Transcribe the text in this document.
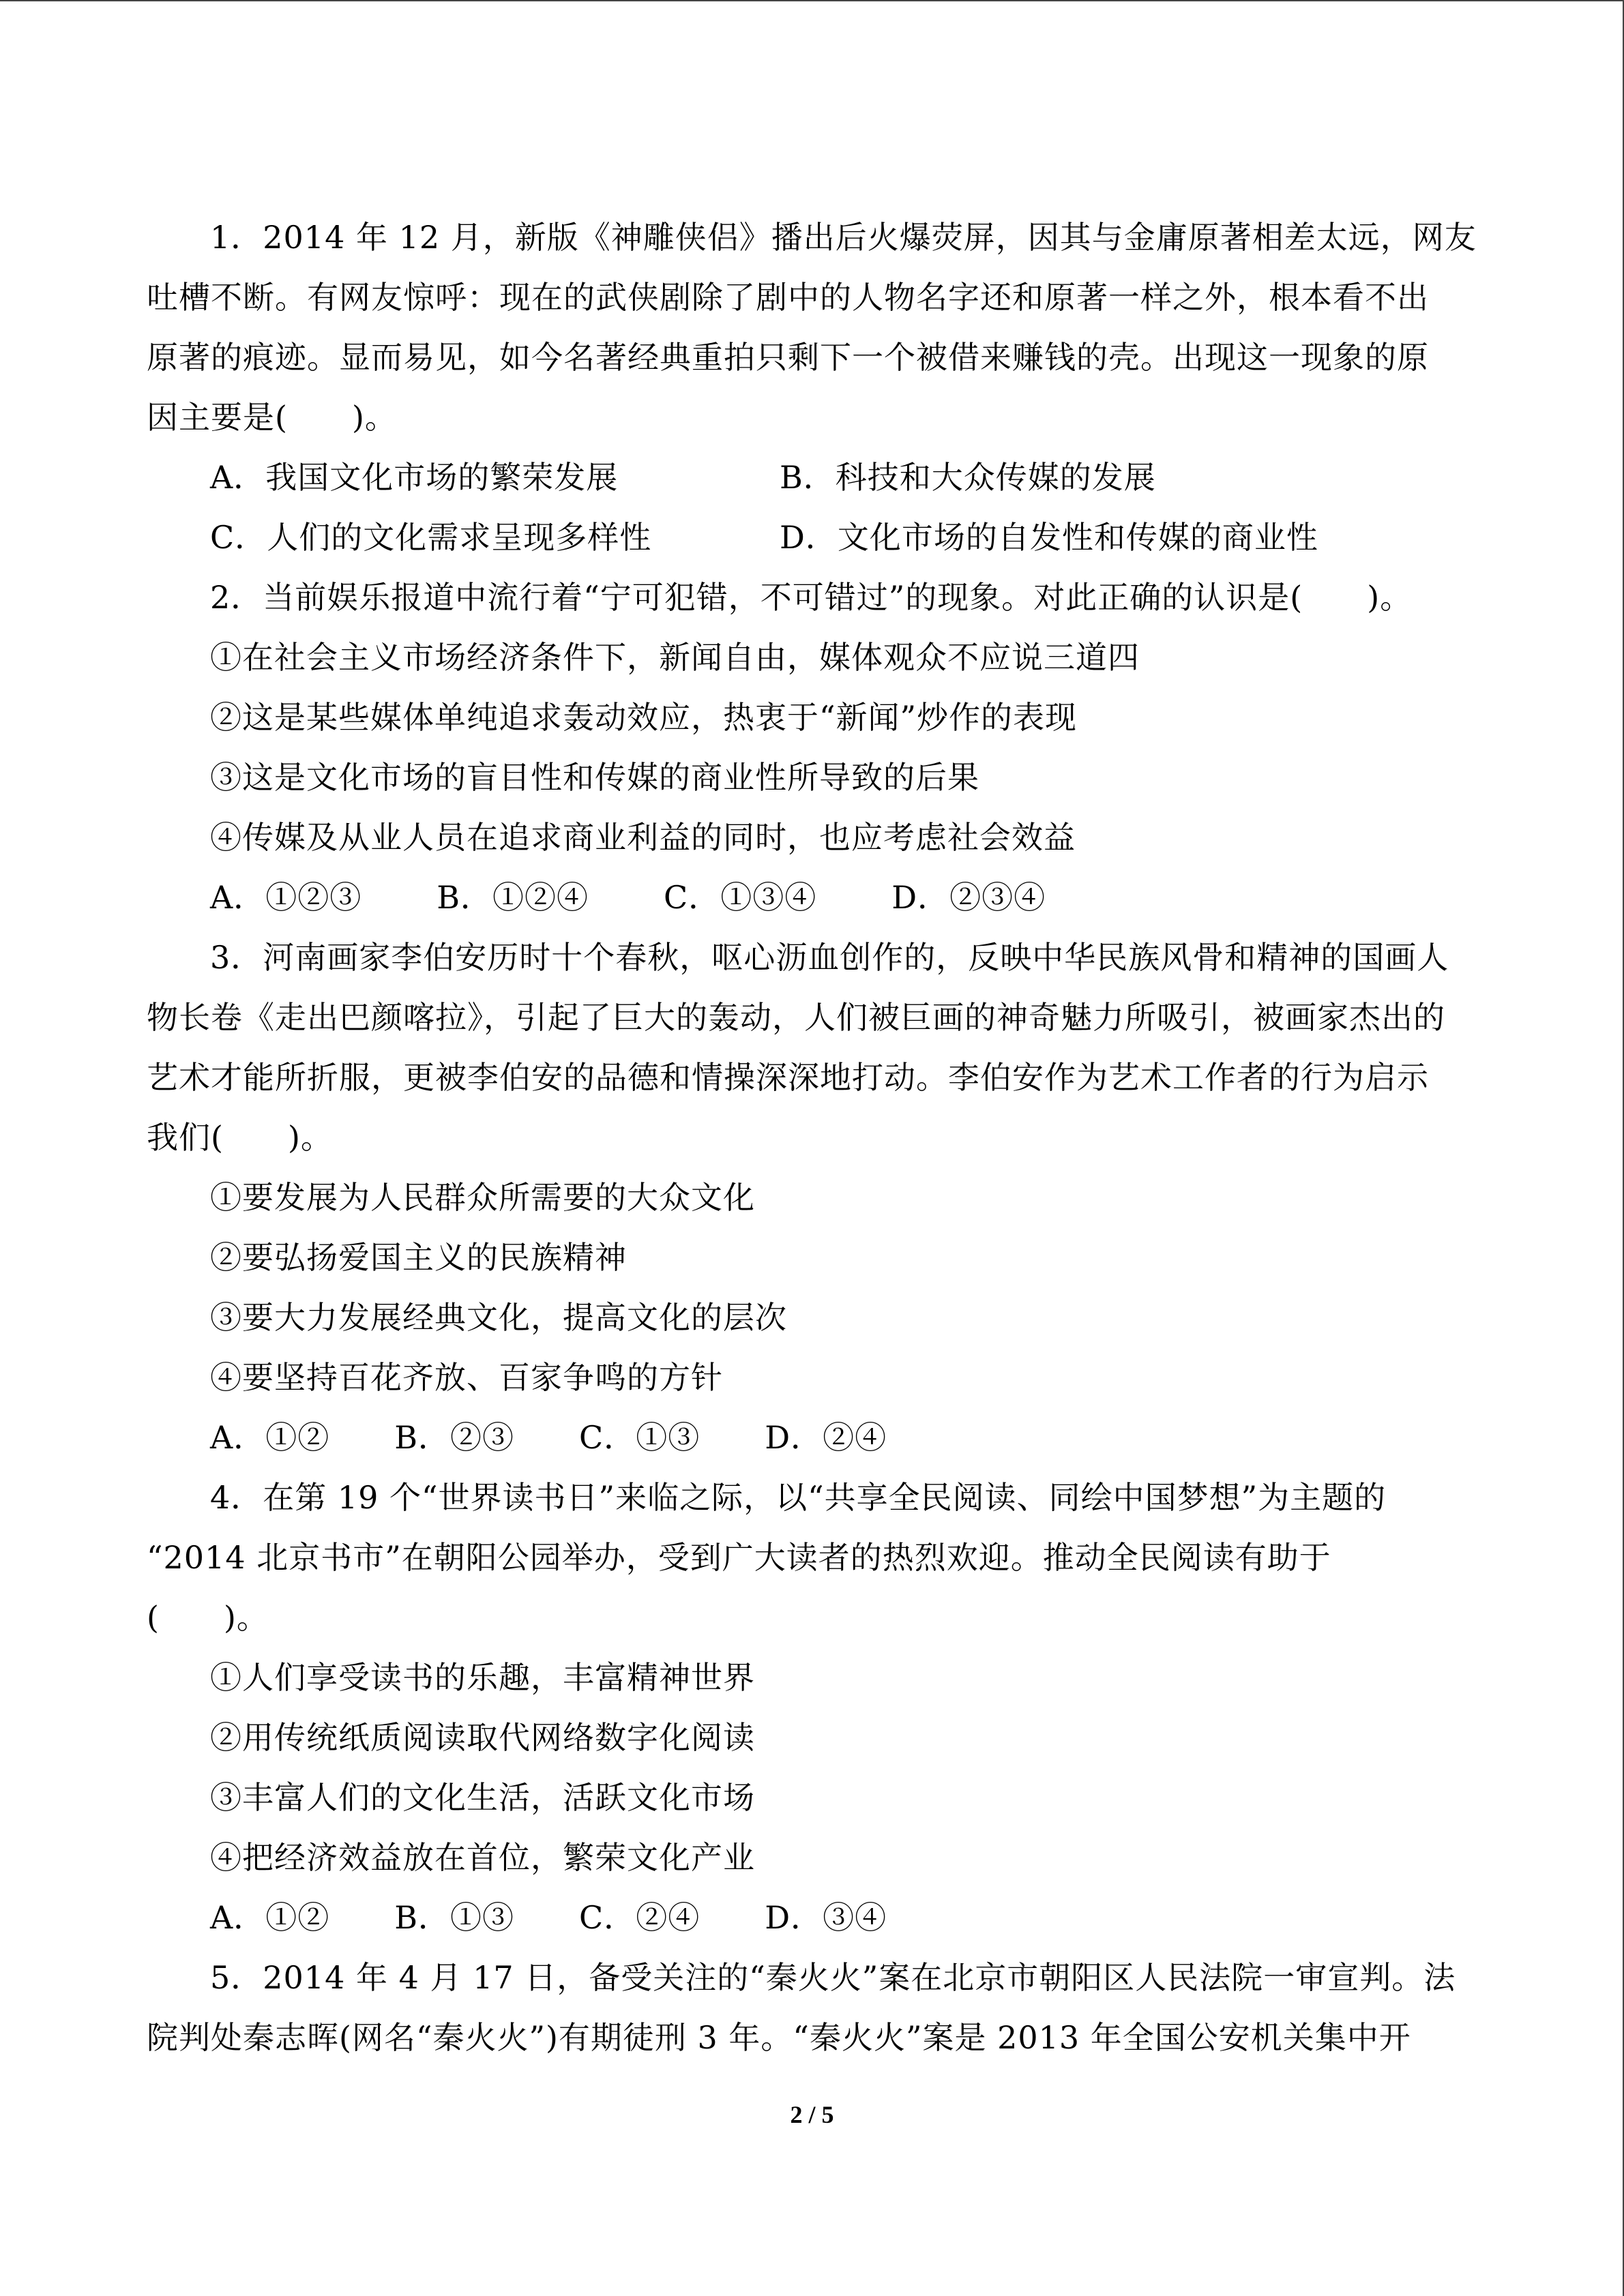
1．2014 年 12 月，新版《神雕侠侣》播出后火爆荧屏，因其与金庸原著相差太远，网友
吐槽不断。有网友惊呼：现在的武侠剧除了剧中的人物名字还和原著一样之外，根本看不出
原著的痕迹。显而易见，如今名著经典重拍只剩下一个被借来赚钱的壳。出现这一现象的原
因主要是(　　)。
A．我国文化市场的繁荣发展	B．科技和大众传媒的发展
C．人们的文化需求呈现多样性	D．文化市场的自发性和传媒的商业性
2．当前娱乐报道中流行着“宁可犯错，不可错过”的现象。对此正确的认识是(　　)。
①在社会主义市场经济条件下，新闻自由，媒体观众不应说三道四
②这是某些媒体单纯追求轰动效应，热衷于“新闻”炒作的表现
③这是文化市场的盲目性和传媒的商业性所导致的后果
④传媒及从业人员在追求商业利益的同时，也应考虑社会效益
A．①②③ B．①②④ C．①③④ D．②③④
3．河南画家李伯安历时十个春秋，呕心沥血创作的，反映中华民族风骨和精神的国画人
物长卷《走出巴颜喀拉》，引起了巨大的轰动，人们被巨画的神奇魅力所吸引，被画家杰出的
艺术才能所折服，更被李伯安的品德和情操深深地打动。李伯安作为艺术工作者的行为启示
我们(　　)。
①要发展为人民群众所需要的大众文化
②要弘扬爱国主义的民族精神
③要大力发展经典文化，提高文化的层次
④要坚持百花齐放、百家争鸣的方针
A．①② B．②③ C．①③ D．②④
4．在第 19 个“世界读书日”来临之际，以“共享全民阅读、同绘中国梦想”为主题的
“2014 北京书市”在朝阳公园举办，受到广大读者的热烈欢迎。推动全民阅读有助于
(　　)。
①人们享受读书的乐趣，丰富精神世界
②用传统纸质阅读取代网络数字化阅读
③丰富人们的文化生活，活跃文化市场
④把经济效益放在首位，繁荣文化产业
A．①② B．①③ C．②④ D．③④
5．2014 年 4 月 17 日，备受关注的“秦火火”案在北京市朝阳区人民法院一审宣判。法
院判处秦志晖(网名“秦火火”)有期徒刑 3 年。“秦火火”案是 2013 年全国公安机关集中开
2 / 5
